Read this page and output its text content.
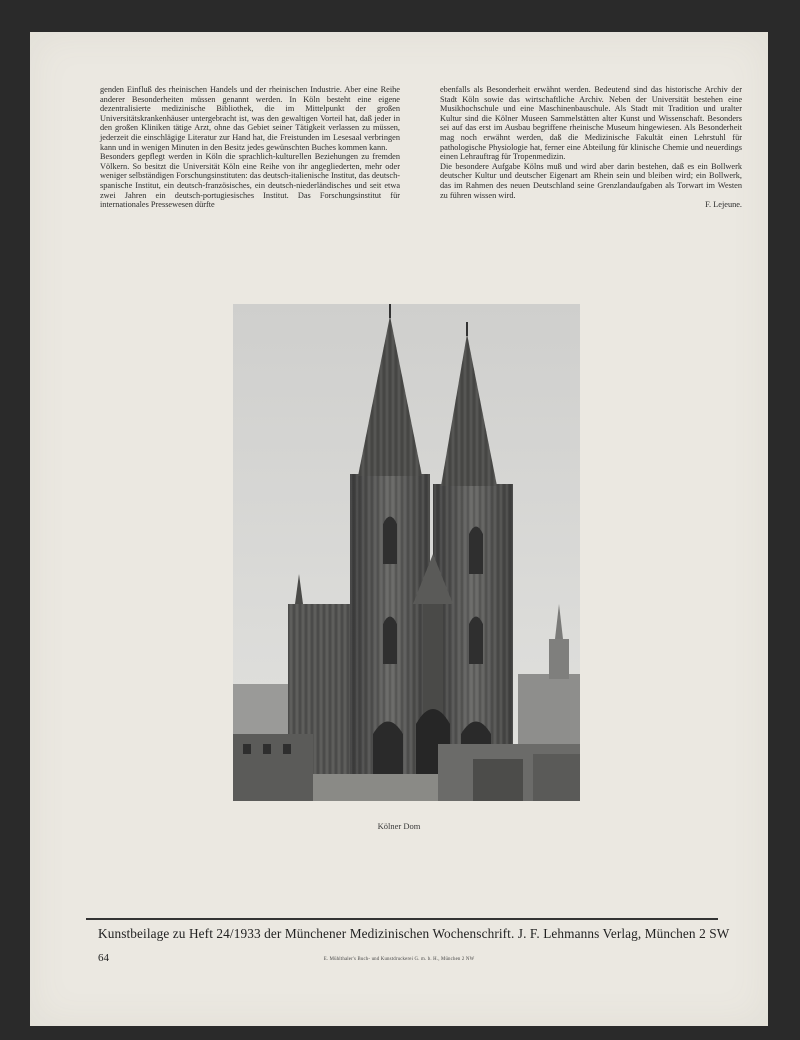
genden Einfluß des rheinischen Handels und der rheinischen Industrie. Aber eine Reihe anderer Besonderheiten müssen genannt werden. In Köln besteht eine eigene dezentralisierte medizinische Bibliothek, die im Mittelpunkt der großen Universitätskrankenhäuser untergebracht ist, was den gewaltigen Vorteil hat, daß jeder in den großen Kliniken tätige Arzt, ohne das Gebiet seiner Tätigkeit verlassen zu müssen, jederzeit die einschlägige Literatur zur Hand hat, die Freistunden im Lesesaal verbringen kann und in wenigen Minuten in den Besitz jedes gewünschten Buches kommen kann.

Besonders gepflegt werden in Köln die sprachlich-kulturellen Beziehungen zu fremden Völkern. So besitzt die Universität Köln eine Reihe von ihr angegliederten, mehr oder weniger selbständigen Forschungsinstituten: das deutsch-italienische Institut, das deutsch-spanische Institut, ein deutsch-französisches, ein deutsch-niederländisches und seit etwa zwei Jahren ein deutsch-portugiesisches Institut. Das Forschungsinstitut für internationales Pressewesen dürfte

ebenfalls als Besonderheit erwähnt werden. Bedeutend sind das historische Archiv der Stadt Köln sowie das wirtschaftliche Archiv. Neben der Universität bestehen eine Musikhochschule und eine Maschinenbauschule. Als Stadt mit Tradition und uralter Kultur sind die Kölner Museen Sammelstätten alter Kunst und Wissenschaft. Besonders sei auf das erst im Ausbau begriffene rheinische Museum hingewiesen. Als Besonderheit mag noch erwähnt werden, daß die Medizinische Fakultät einen Lehrstuhl für pathologische Physiologie hat, ferner eine Abteilung für klinische Chemie und neuerdings einen Lehrauftrag für Tropenmedizin.

Die besondere Aufgabe Kölns muß und wird aber darin bestehen, daß es ein Bollwerk deutscher Kultur und deutscher Eigenart am Rhein sein und bleiben wird; ein Bollwerk, das im Rahmen des neuen Deutschland seine Grenzlandaufgaben als Torwart im Westen zu führen wissen wird.

F. Lejeune.

Kölner Dom
Kunstbeilage zu Heft 24/1933 der Münchener Medizinischen Wochenschrift. J. F. Lehmanns Verlag, München 2 SW
64	E. Mühlthaler's Buch- und Kunstdruckerei G. m. b. H., München 2 NW
